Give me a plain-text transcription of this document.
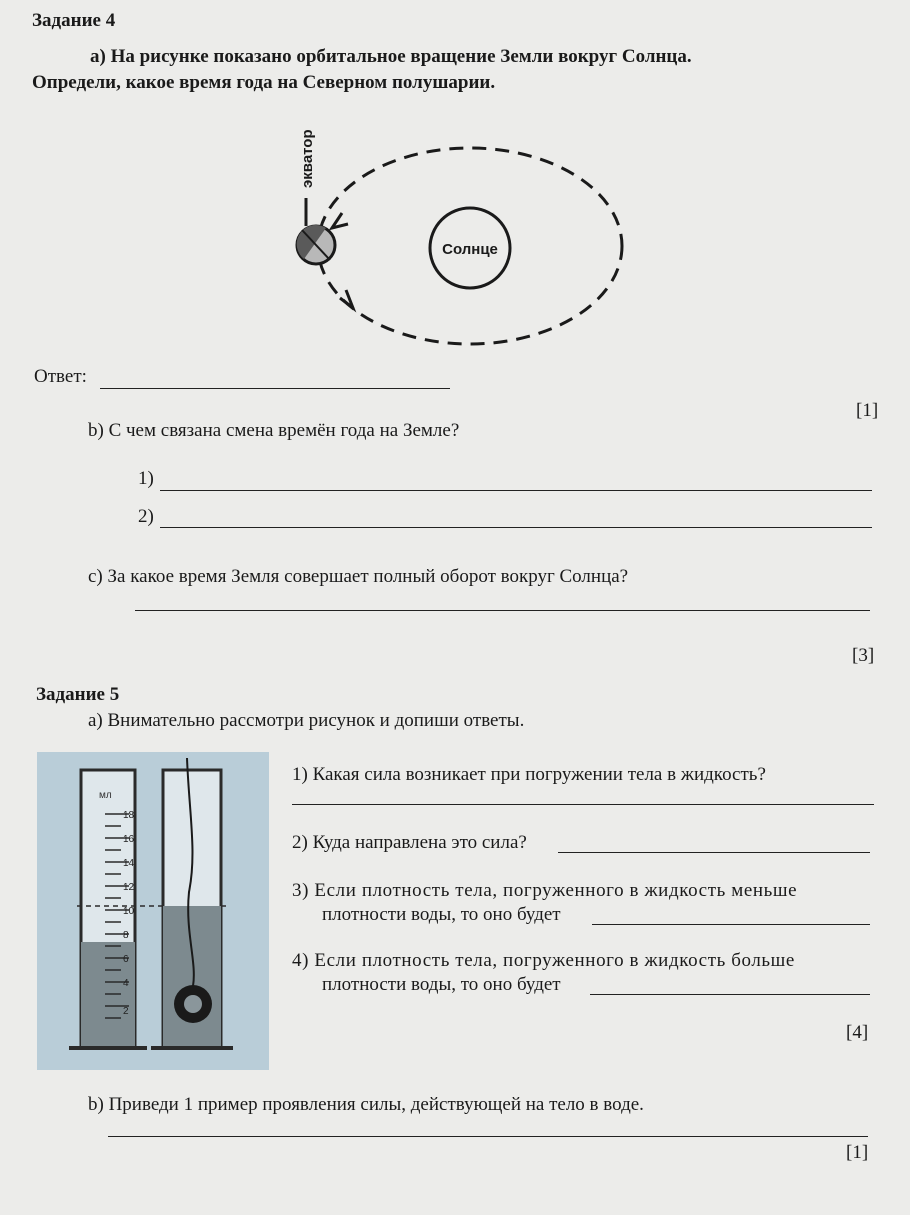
Задание 4
а) На рисунке показано орбитальное вращение Земли вокруг Солнца.
Определи, какое время года на Северном полушарии.
экватор
Солнце
Ответ:
[1]
b) С чем связана смена времён года на Земле?
1)
2)
c) За какое время Земля совершает полный оборот вокруг Солнца?
[3]
Задание 5
а) Внимательно рассмотри рисунок и допиши ответы.
мл
18
16
14
12
10
8
6
4
2
1) Какая сила возникает при погружении тела в жидкость?
2) Куда направлена это сила?
3) Если плотность тела, погруженного в жидкость меньше
плотности воды, то оно будет
4) Если плотность тела, погруженного в жидкость больше
плотности воды, то оно будет
[4]
b) Приведи 1 пример проявления силы, действующей на тело в воде.
[1]
